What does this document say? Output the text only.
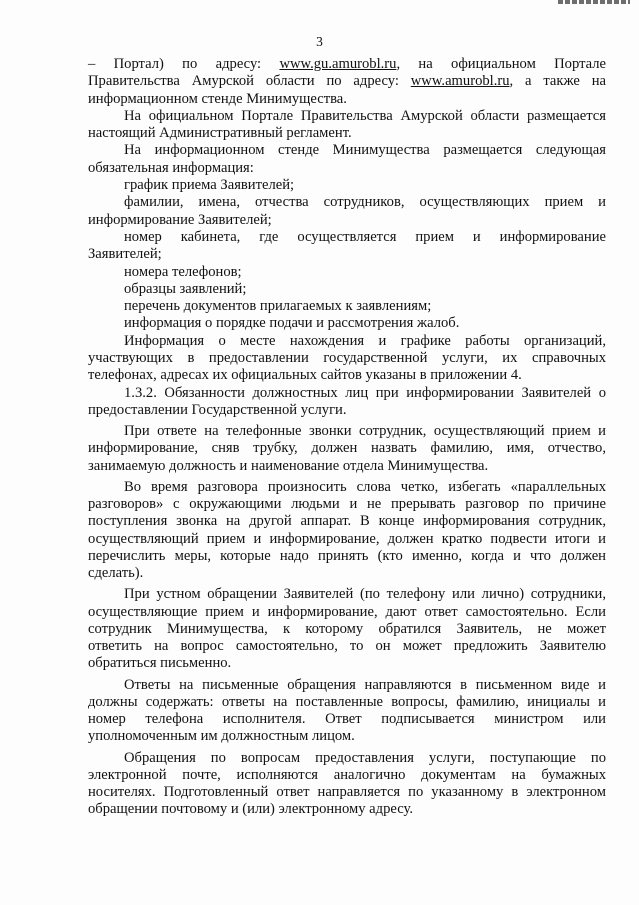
3
– Портал) по адресу: www.gu.amurobl.ru, на официальном Портале
Правительства Амурской области по адресу: www.amurobl.ru, а также на
информационном стенде Минимущества.
На официальном Портале Правительства Амурской области размещается
настоящий Административный регламент.
На информационном стенде Минимущества размещается следующая
обязательная информация:
график приема Заявителей;
фамилии, имена, отчества сотрудников, осуществляющих прием и
информирование Заявителей;
номер кабинета, где осуществляется прием и информирование
Заявителей;
номера телефонов;
образцы заявлений;
перечень документов прилагаемых к заявлениям;
информация о порядке подачи и рассмотрения жалоб.
Информация о месте нахождения и графике работы организаций,
участвующих в предоставлении государственной услуги, их справочных
телефонах, адресах их официальных сайтов указаны в приложении 4.
1.3.2. Обязанности должностных лиц при информировании Заявителей о
предоставлении Государственной услуги.
При ответе на телефонные звонки сотрудник, осуществляющий прием и
информирование, сняв трубку, должен назвать фамилию, имя, отчество,
занимаемую должность и наименование отдела Минимущества.
Во время разговора произносить слова четко, избегать «параллельных
разговоров» с окружающими людьми и не прерывать разговор по причине
поступления звонка на другой аппарат. В конце информирования сотрудник,
осуществляющий прием и информирование, должен кратко подвести итоги и
перечислить меры, которые надо принять (кто именно, когда и что должен
сделать).
При устном обращении Заявителей (по телефону или лично) сотрудники,
осуществляющие прием и информирование, дают ответ самостоятельно. Если
сотрудник Минимущества, к которому обратился Заявитель, не может
ответить на вопрос самостоятельно, то он может предложить Заявителю
обратиться письменно.
Ответы на письменные обращения направляются в письменном виде и
должны содержать: ответы на поставленные вопросы, фамилию, инициалы и
номер телефона исполнителя. Ответ подписывается министром или
уполномоченным им должностным лицом.
Обращения по вопросам предоставления услуги, поступающие по
электронной почте, исполняются аналогично документам на бумажных
носителях. Подготовленный ответ направляется по указанному в электронном
обращении почтовому и (или) электронному адресу.
